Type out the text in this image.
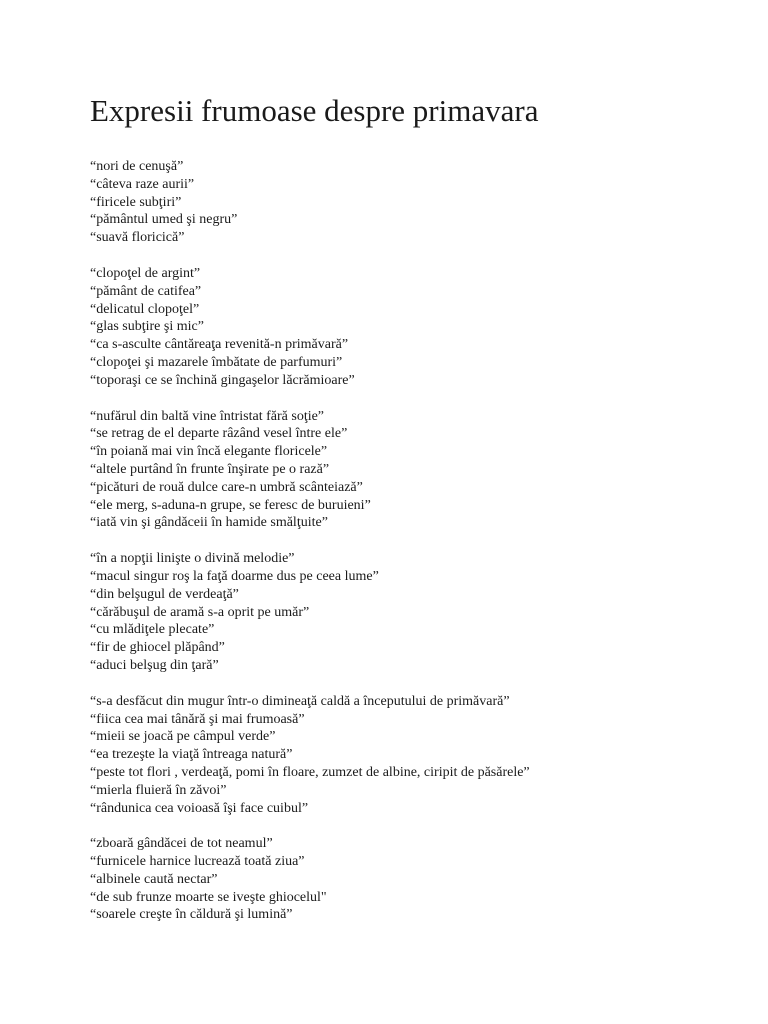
Expresii frumoase despre primavara
“nori de cenuşă”
“câteva raze aurii”
“firicele subţiri”
“pământul umed şi negru”
“suavă floricică”
“clopoţel de argint”
“pământ de catifea”
“delicatul clopoţel”
“glas subţire şi mic”
“ca s-asculte cântăreaţa revenită-n primăvară”
“clopoţei şi mazarele îmbătate de parfumuri”
“toporaşi ce se închină gingaşelor lăcrămioare”
“nufărul din baltă vine întristat fără soţie”
“se retrag de el departe râzând vesel între ele”
“în poiană mai vin încă elegante floricele”
“altele purtând în frunte înşirate pe o rază”
“picături de rouă dulce care-n umbră scânteiază”
“ele merg, s-aduna-n grupe, se feresc de buruieni”
“iată vin şi gândăceii în hamide smălţuite”
“în a nopţii linişte o divină melodie”
“macul singur roş la faţă doarme dus pe ceea lume”
“din belşugul de verdeaţă”
“cărăbuşul de aramă s-a oprit pe umăr”
“cu mlădiţele plecate”
“fir de ghiocel plăpând”
“aduci belşug din ţară”
“s-a desfăcut din mugur într-o dimineaţă caldă a începutului de primăvară”
“fiica cea mai tânără şi mai frumoasă”
“mieii se joacă pe câmpul verde”
“ea trezeşte la viaţă întreaga natură”
“peste tot flori , verdeaţă, pomi în floare, zumzet de albine, ciripit de păsărele”
“mierla fluieră în zăvoi”
“rândunica cea voioasă îşi face cuibul”
“zboară gândăcei de tot neamul”
“furnicele harnice lucrează toată ziua”
“albinele caută nectar”
“de sub frunze moarte se iveşte ghiocelul"
“soarele creşte în căldură şi lumină”
